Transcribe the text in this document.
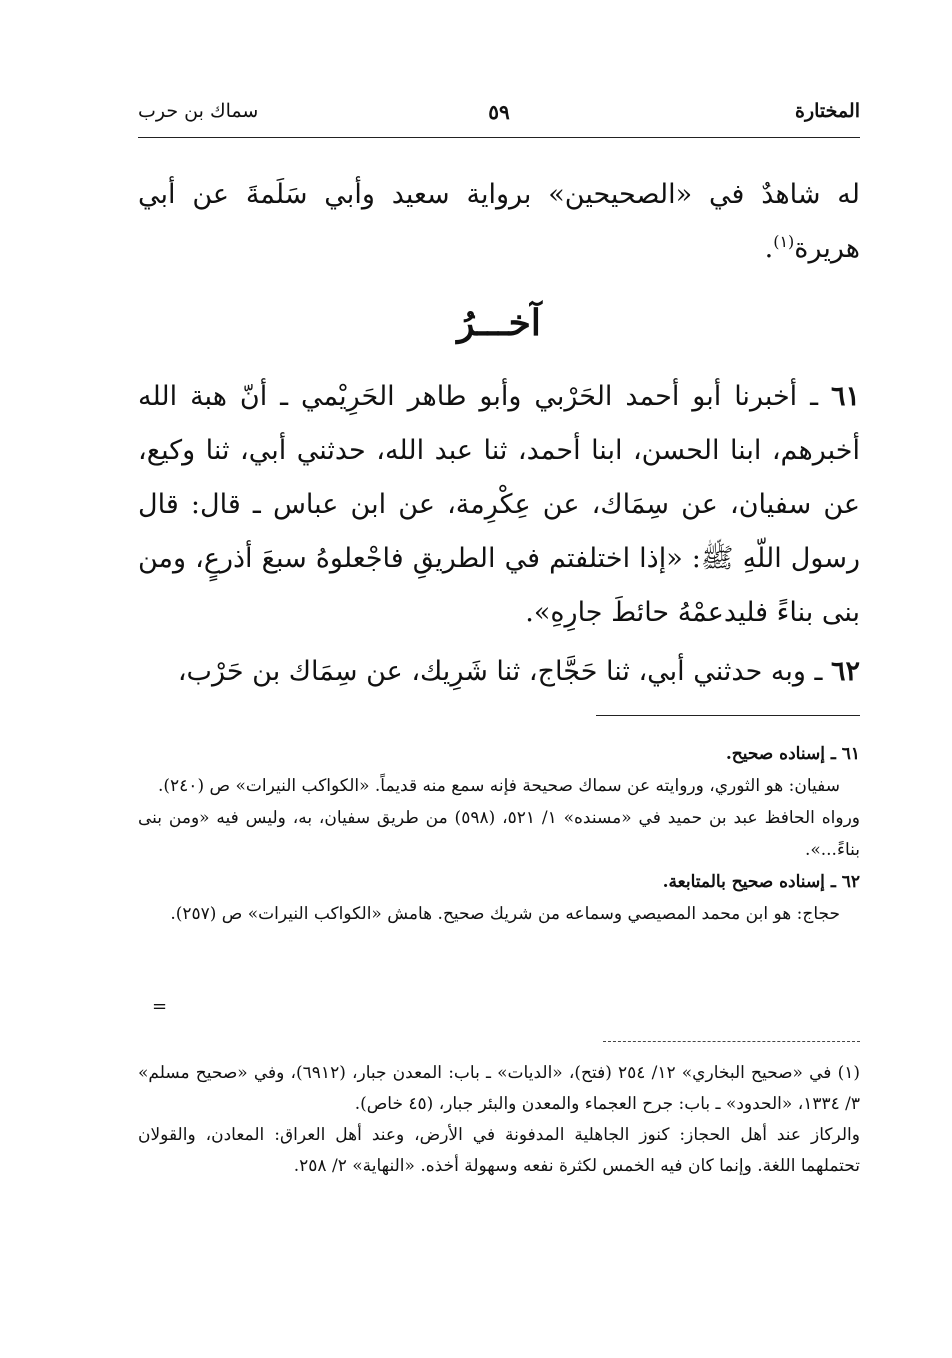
المختارة
٥٩
سماك بن حرب
له شاهدٌ في «الصحيحين» برواية سعيد وأبي سَلَمةَ عن أبي هريرة$^{(١)}$.
آخـــرُ
٦١ ـ أخبرنا أبو أحمد الحَرْبي وأبو طاهر الحَرِيْمي ـ أنّ هبة الله أخبرهم، ابنا الحسن، ابنا أحمد، ثنا عبد الله، حدثني أبي، ثنا وكيع، عن سفيان، عن سِمَاك، عن عِكْرِمة، عن ابن عباس ـ قال: قال رسول اللّهِ ﷺ: «إذا اختلفتم في الطريقِ فاجْعلوهُ سبعَ أذرعٍ، ومن بنى بناءً فليدعمْهُ حائطَ جارِهِ».
٦٢ ـ وبه حدثني أبي، ثنا حَجَّاج، ثنا شَرِيك، عن سِمَاك بن حَرْب،
٦١ ـ إسناده صحيح.
سفيان: هو الثوري، وروايته عن سماك صحيحة فإنه سمع منه قديماً. «الكواكب النيرات» ص (٢٤٠).
ورواه الحافظ عبد بن حميد في «مسنده» ١/ ٥٢١، (٥٩٨) من طريق سفيان، به، وليس فيه «ومن بنى بناءً...».
٦٢ ـ إسناده صحيح بالمتابعة.
حجاج: هو ابن محمد المصيصي وسماعه من شريك صحيح. هامش «الكواكب النيرات» ص (٢٥٧).
=
(١) في «صحيح البخاري» ١٢/ ٢٥٤ (فتح)، «الديات» ـ باب: المعدن جبار، (٦٩١٢)، وفي «صحيح مسلم» ٣/ ١٣٣٤، «الحدود» ـ باب: جرح العجماء والمعدن والبئر جبار، (٤٥ خاص).
والركاز عند أهل الحجاز: كنوز الجاهلية المدفونة في الأرض، وعند أهل العراق: المعادن، والقولان تحتملهما اللغة. وإنما كان فيه الخمس لكثرة نفعه وسهولة أخذه. «النهاية» ٢/ ٢٥٨.
